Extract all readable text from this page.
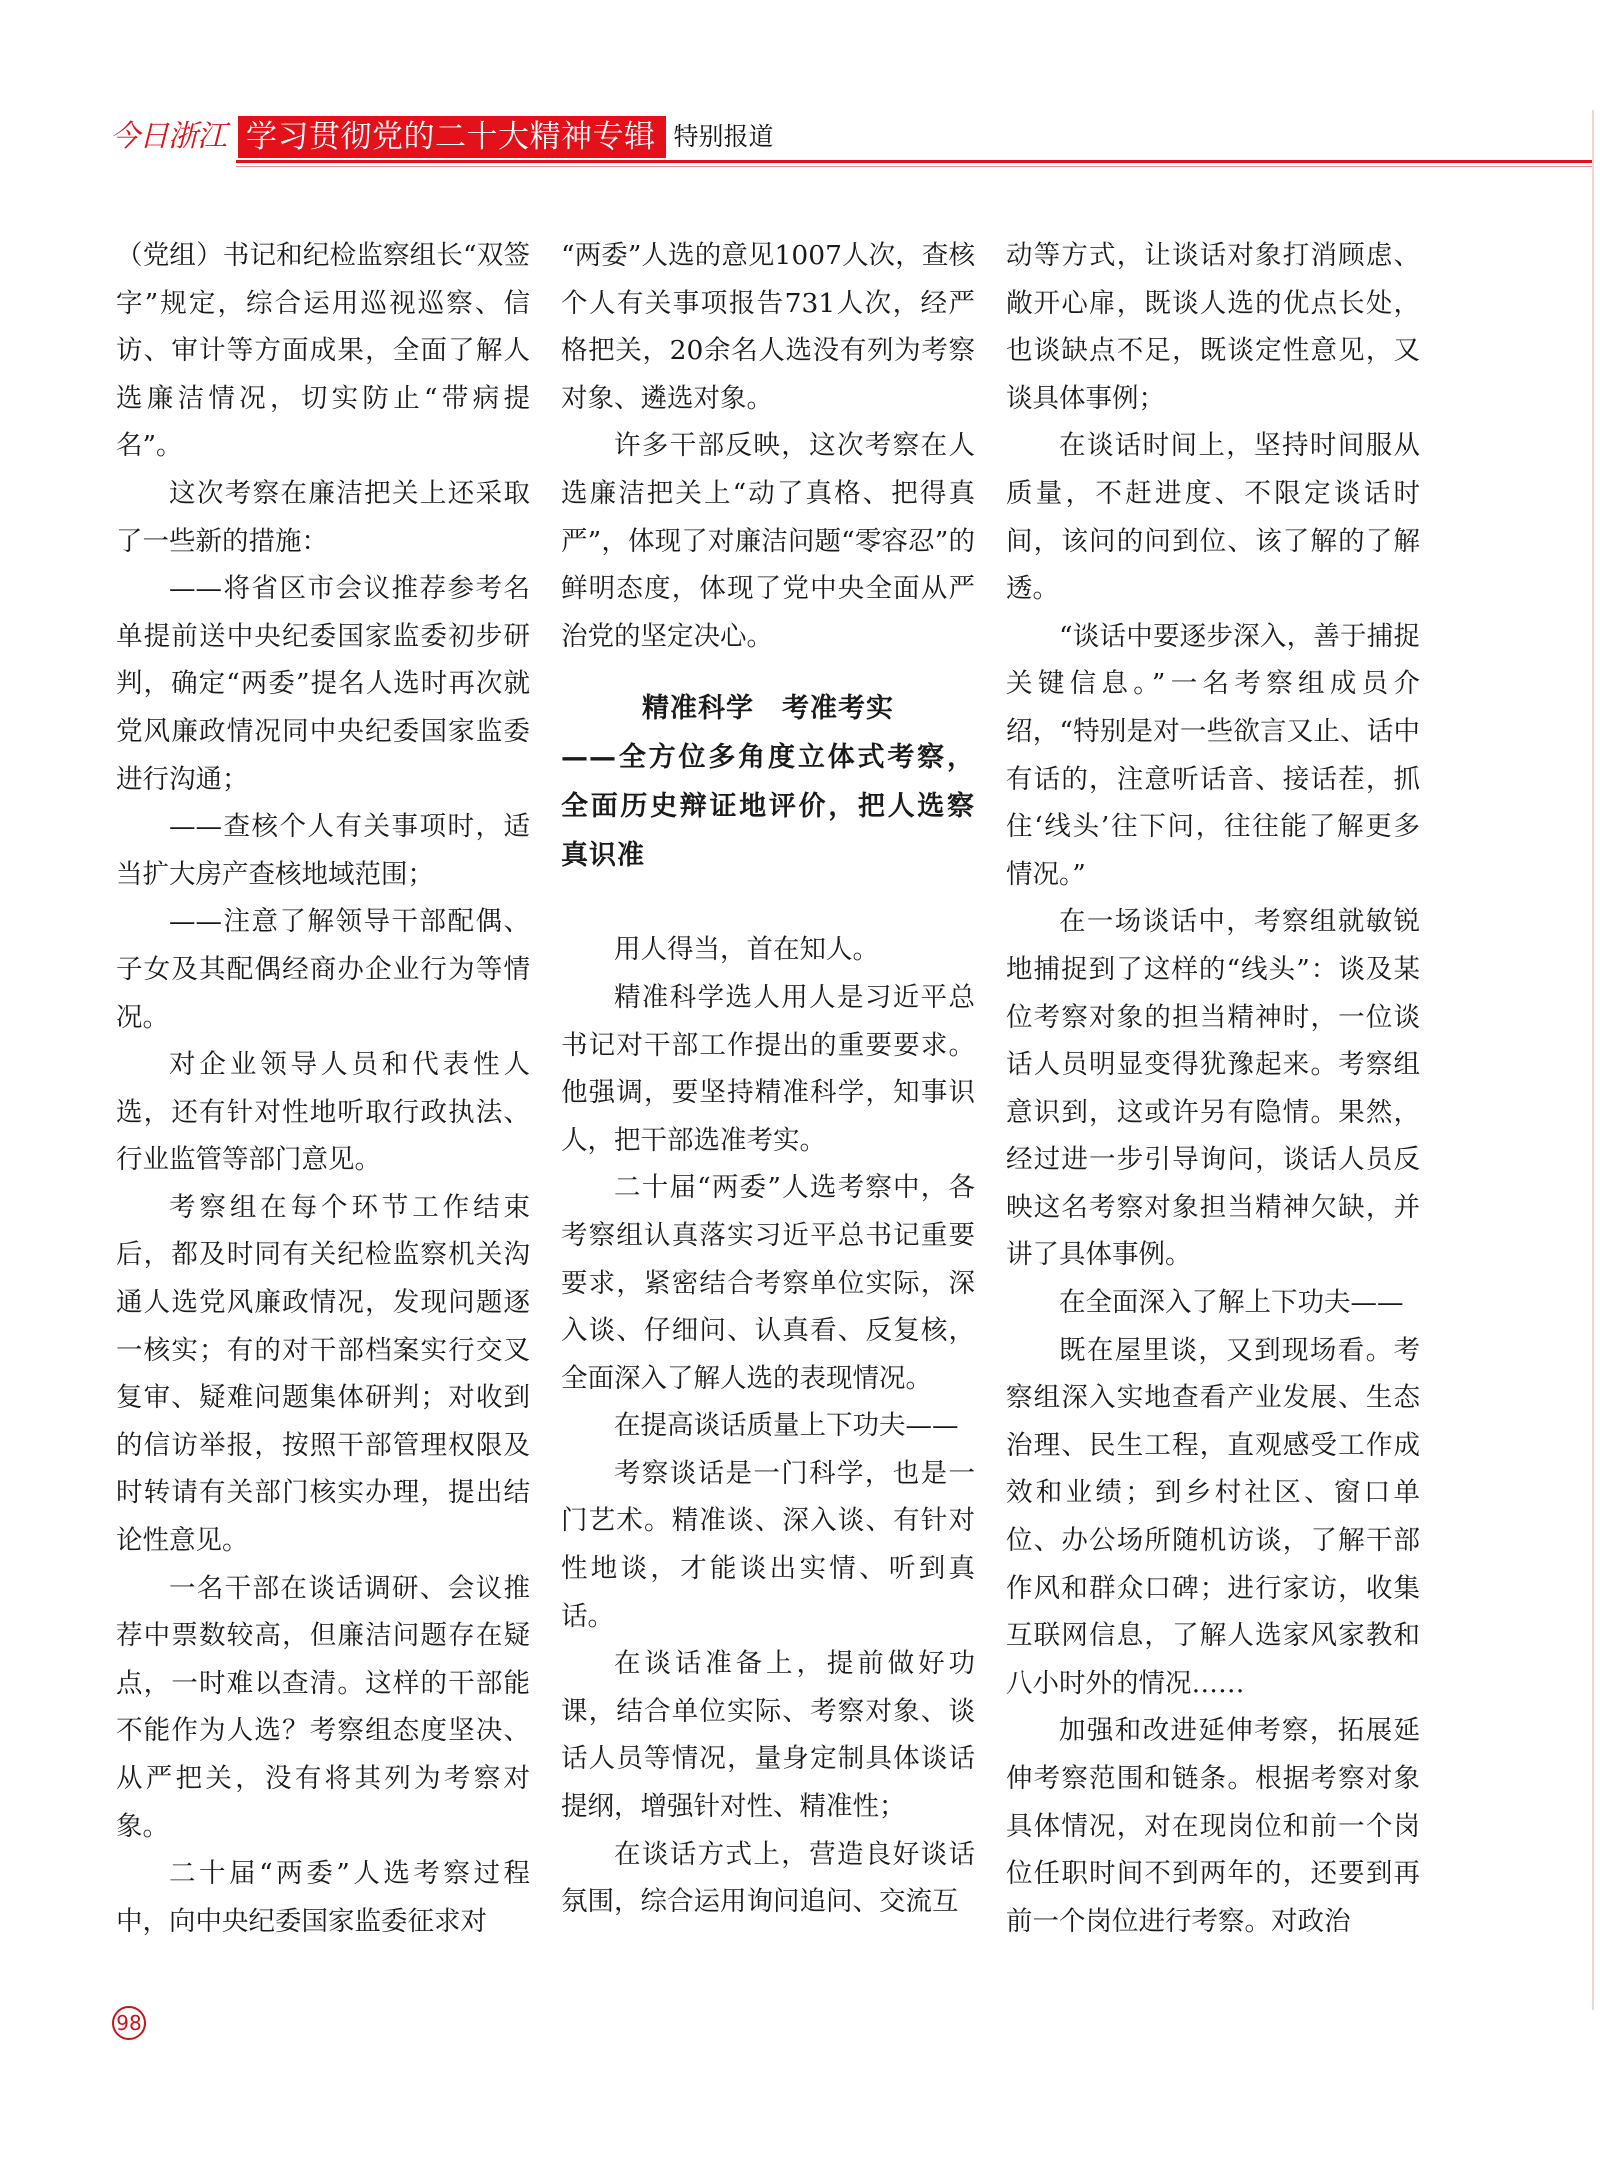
今日浙江 学习贯彻党的二十大精神专辑 特别报道

（党组）书记和纪检监察组长“双签字”规定，综合运用巡视巡察、信访、审计等方面成果，全面了解人选廉洁情况，切实防止“带病提名”。

这次考察在廉洁把关上还采取了一些新的措施：

——将省区市会议推荐参考名单提前送中央纪委国家监委初步研判，确定“两委”提名人选时再次就党风廉政情况同中央纪委国家监委进行沟通；

——查核个人有关事项时，适当扩大房产查核地域范围；

——注意了解领导干部配偶、子女及其配偶经商办企业行为等情况。

对企业领导人员和代表性人选，还有针对性地听取行政执法、行业监管等部门意见。

考察组在每个环节工作结束后，都及时同有关纪检监察机关沟通人选党风廉政情况，发现问题逐一核实；有的对干部档案实行交叉复审、疑难问题集体研判；对收到的信访举报，按照干部管理权限及时转请有关部门核实办理，提出结论性意见。

一名干部在谈话调研、会议推荐中票数较高，但廉洁问题存在疑点，一时难以查清。这样的干部能不能作为人选？考察组态度坚决、从严把关，没有将其列为考察对象。

二十届“两委”人选考察过程中，向中央纪委国家监委征求对

“两委”人选的意见1007人次，查核个人有关事项报告731人次，经严格把关，20余名人选没有列为考察对象、遴选对象。

许多干部反映，这次考察在人选廉洁把关上“动了真格、把得真严”，体现了对廉洁问题“零容忍”的鲜明态度，体现了党中央全面从严治党的坚定决心。

精准科学　考准考实
——全方位多角度立体式考察，全面历史辩证地评价，把人选察真识准

用人得当，首在知人。

精准科学选人用人是习近平总书记对干部工作提出的重要要求。他强调，要坚持精准科学，知事识人，把干部选准考实。

二十届“两委”人选考察中，各考察组认真落实习近平总书记重要要求，紧密结合考察单位实际，深入谈、仔细问、认真看、反复核，全面深入了解人选的表现情况。

在提高谈话质量上下功夫——

考察谈话是一门科学，也是一门艺术。精准谈、深入谈、有针对性地谈，才能谈出实情、听到真话。

在谈话准备上，提前做好功课，结合单位实际、考察对象、谈话人员等情况，量身定制具体谈话提纲，增强针对性、精准性；

在谈话方式上，营造良好谈话氛围，综合运用询问追问、交流互

动等方式，让谈话对象打消顾虑、敞开心扉，既谈人选的优点长处，也谈缺点不足，既谈定性意见，又谈具体事例；

在谈话时间上，坚持时间服从质量，不赶进度、不限定谈话时间，该问的问到位、该了解的了解透。

“谈话中要逐步深入，善于捕捉关键信息。”一名考察组成员介绍，“特别是对一些欲言又止、话中有话的，注意听话音、接话茬，抓住‘线头’往下问，往往能了解更多情况。”

在一场谈话中，考察组就敏锐地捕捉到了这样的“线头”：谈及某位考察对象的担当精神时，一位谈话人员明显变得犹豫起来。考察组意识到，这或许另有隐情。果然，经过进一步引导询问，谈话人员反映这名考察对象担当精神欠缺，并讲了具体事例。

在全面深入了解上下功夫——

既在屋里谈，又到现场看。考察组深入实地查看产业发展、生态治理、民生工程，直观感受工作成效和业绩；到乡村社区、窗口单位、办公场所随机访谈，了解干部作风和群众口碑；进行家访，收集互联网信息，了解人选家风家教和八小时外的情况……

加强和改进延伸考察，拓展延伸考察范围和链条。根据考察对象具体情况，对在现岗位和前一个岗位任职时间不到两年的，还要到再前一个岗位进行考察。对政治

98
